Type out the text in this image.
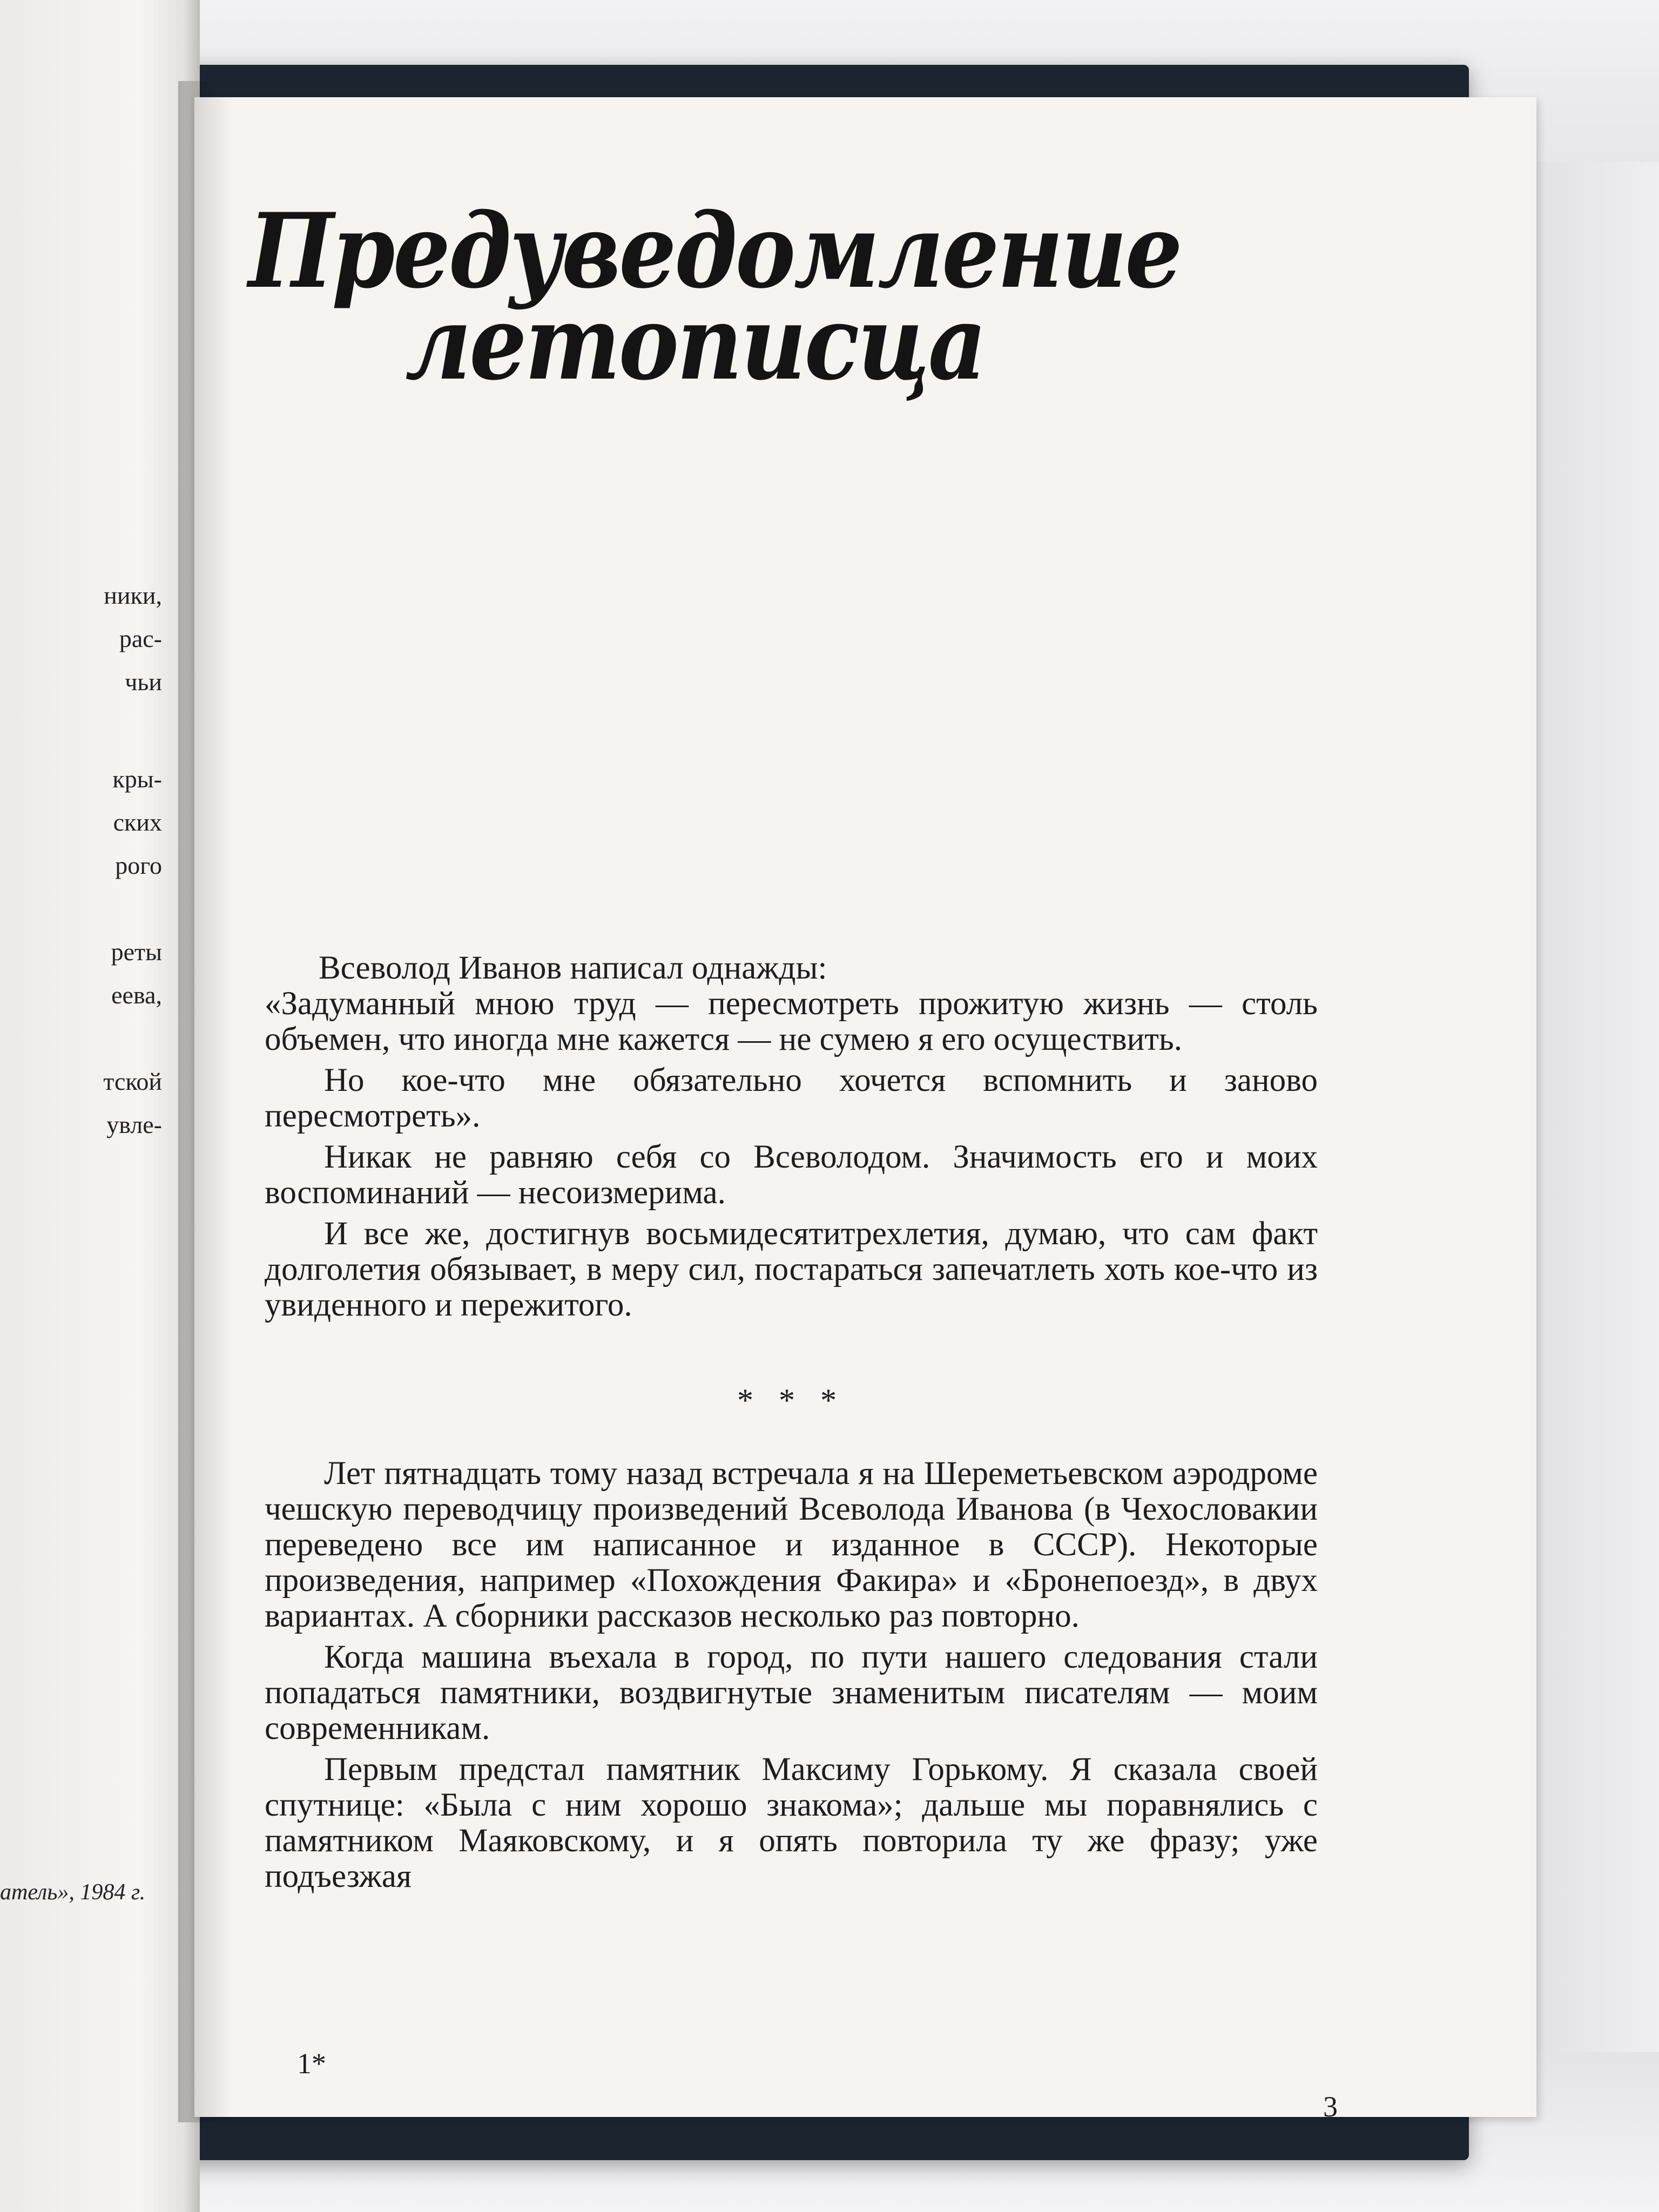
ники,
рас-
чьи
кры-
ских
рого
реты
еева,
тской
увле-
атель», 1984 г.
Предуведомление
летописца

Всеволод Иванов написал однажды:

«Задуманный мною труд — пересмотреть прожитую жизнь — столь объемен, что иногда мне кажется — не сумею я его осуществить.

Но кое-что мне обязательно хочется вспомнить и заново пересмотреть».

Никак не равняю себя со Всеволодом. Значимость его и моих воспоминаний — несоизмерима.

И все же, достигнув восьмидесятитрехлетия, думаю, что сам факт долголетия обязывает, в меру сил, постараться запечатлеть хоть кое-что из увиденного и пережитого.

* * *

Лет пятнадцать тому назад встречала я на Шереметьевском аэродроме чешскую переводчицу произведений Всеволода Иванова (в Чехословакии переведено все им написанное и изданное в СССР). Некоторые произведения, например «Похождения Факира» и «Бронепоезд», в двух вариантах. А сборники рассказов несколько раз повторно.

Когда машина въехала в город, по пути нашего следования стали попадаться памятники, воздвигнутые знаменитым писателям — моим современникам.

Первым предстал памятник Максиму Горькому. Я сказала своей спутнице: «Была с ним хорошо знакома»; дальше мы поравнялись с памятником Маяковскому, и я опять повторила ту же фразу; уже подъезжая

1*
3
